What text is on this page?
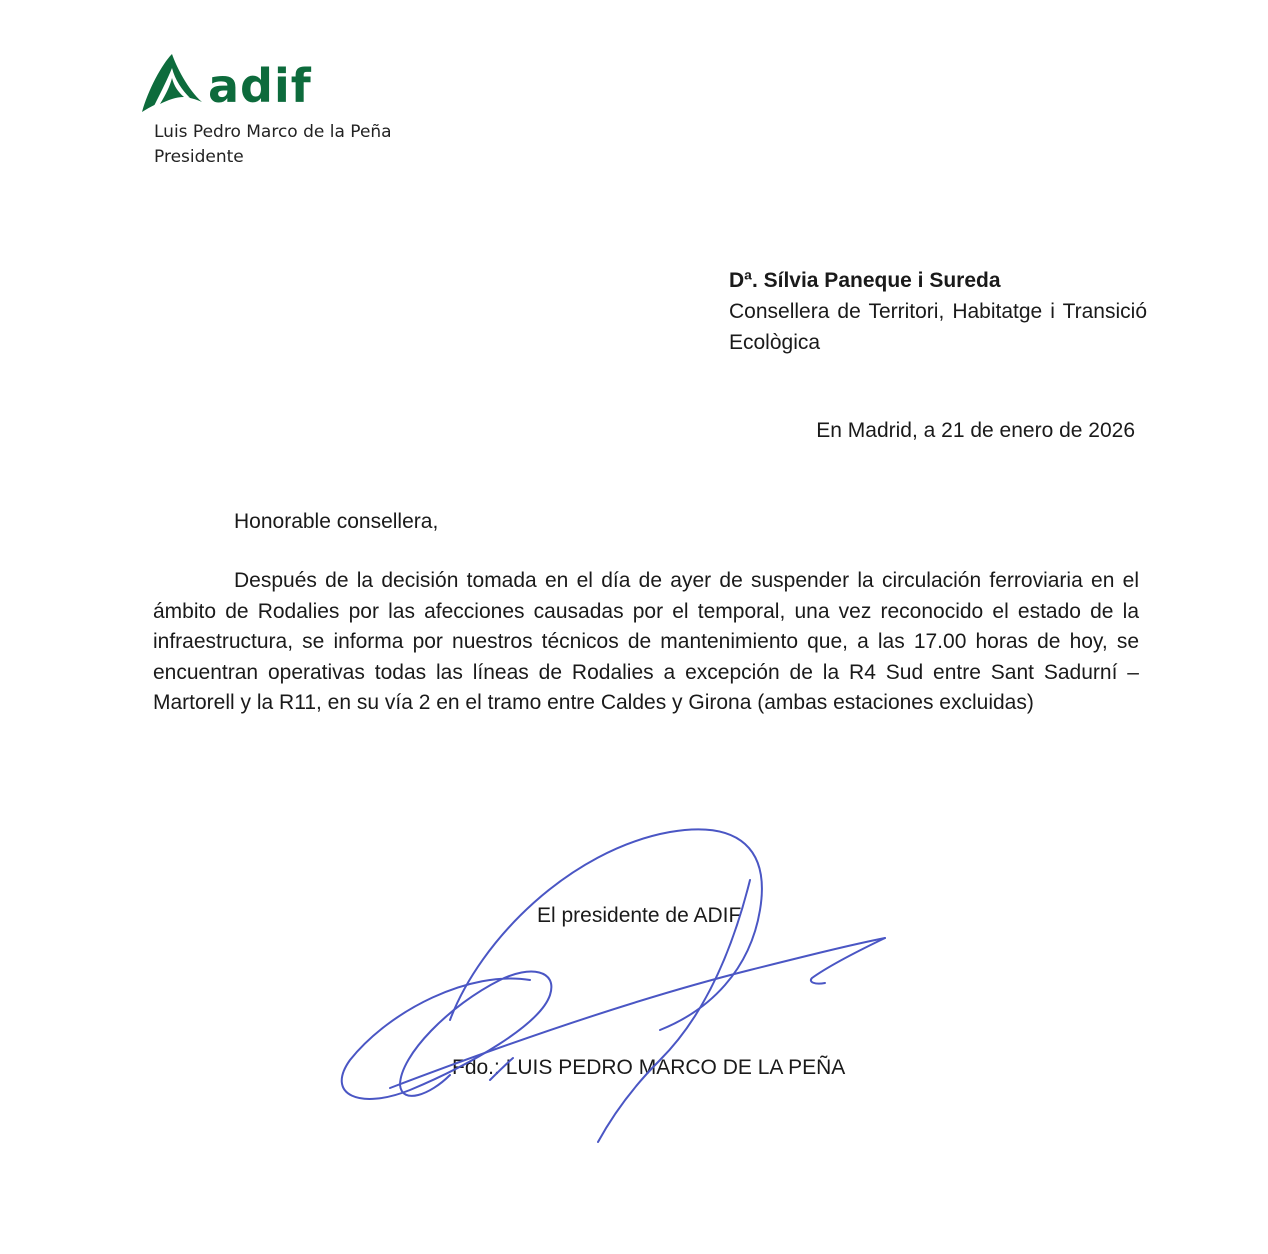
adif
Luis Pedro Marco de la Peña
Presidente
Dª. Sílvia Paneque i Sureda
Consellera de Territori, Habitatge i Transició Ecològica
En Madrid, a 21 de enero de 2026
Honorable consellera,
Después de la decisión tomada en el día de ayer de suspender la circulación ferroviaria en el ámbito de Rodalies por las afecciones causadas por el temporal, una vez reconocido el estado de la infraestructura, se informa por nuestros técnicos de mantenimiento que, a las 17.00 horas de hoy, se encuentran operativas todas las líneas de Rodalies a excepción de la R4 Sud entre Sant Sadurní – Martorell y la R11, en su vía 2 en el tramo entre Caldes y Girona (ambas estaciones excluidas)
El presidente de ADIF
Fdo.: LUIS PEDRO MARCO DE LA PEÑA
